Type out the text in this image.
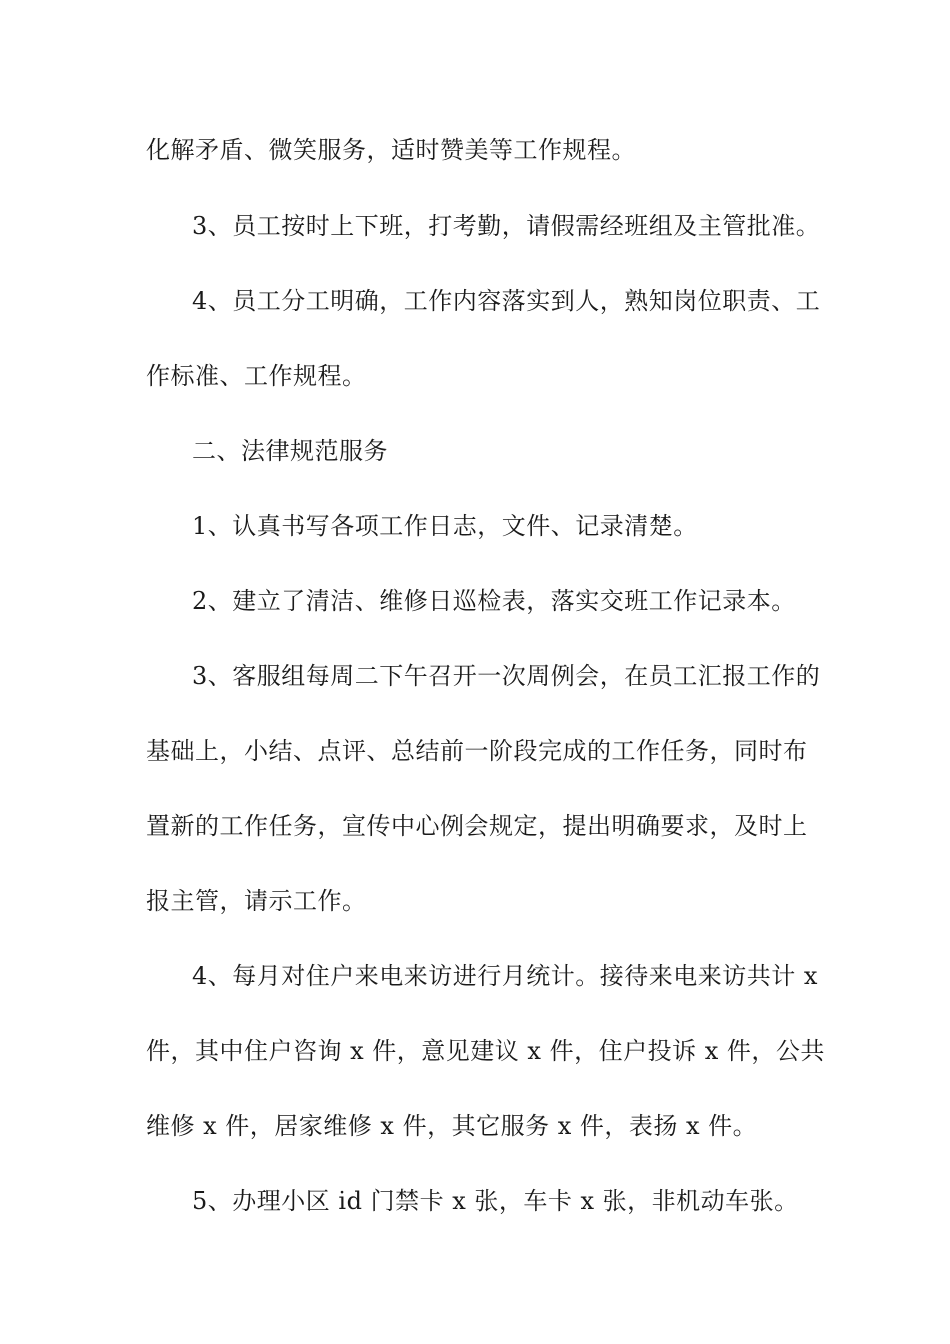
化解矛盾、微笑服务，适时赞美等工作规程。
3、员工按时上下班，打考勤，请假需经班组及主管批准。
4、员工分工明确，工作内容落实到人，熟知岗位职责、工
作标准、工作规程。
二、法律规范服务
1、认真书写各项工作日志，文件、记录清楚。
2、建立了清洁、维修日巡检表，落实交班工作记录本。
3、客服组每周二下午召开一次周例会，在员工汇报工作的
基础上，小结、点评、总结前一阶段完成的工作任务，同时布
置新的工作任务，宣传中心例会规定，提出明确要求，及时上
报主管，请示工作。
4、每月对住户来电来访进行月统计。接待来电来访共计 x
件，其中住户咨询 x 件，意见建议 x 件，住户投诉 x 件，公共
维修 x 件，居家维修 x 件，其它服务 x 件，表扬 x 件。
5、办理小区 id 门禁卡 x 张，车卡 x 张，非机动车张。
